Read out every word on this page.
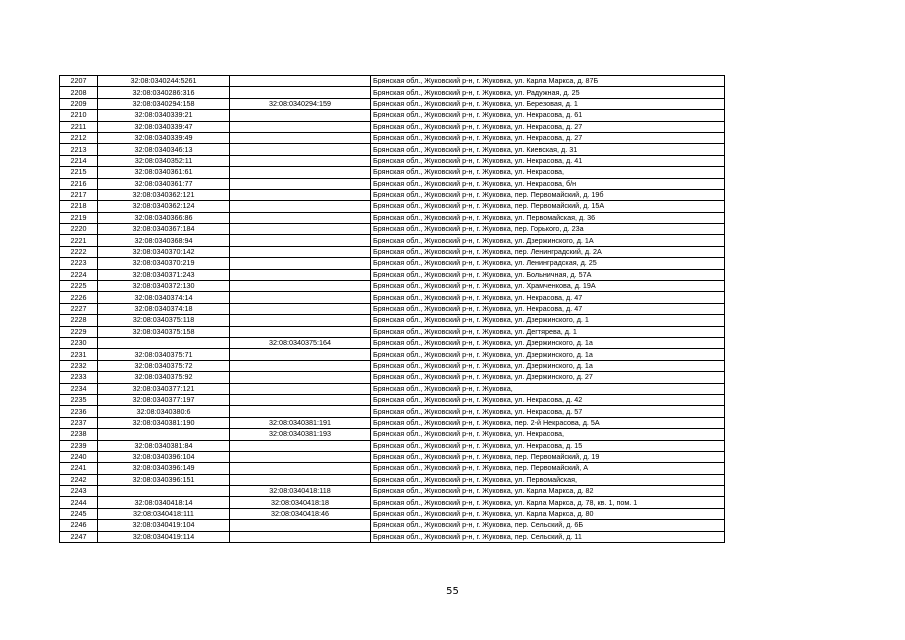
2207	32:08:0340244:5261		Брянская обл., Жуковский р-н, г. Жуковка, ул. Карла Маркса, д. 87Б
2208	32:08:0340286:316		Брянская обл., Жуковский р-н, г. Жуковка, ул. Радужная, д. 25
2209	32:08:0340294:158	32:08:0340294:159	Брянская обл., Жуковский р-н, г. Жуковка, ул. Березовая, д. 1
2210	32:08:0340339:21		Брянская обл., Жуковский р-н, г. Жуковка, ул. Некрасова, д. 61
2211	32:08:0340339:47		Брянская обл., Жуковский р-н, г. Жуковка, ул. Некрасова, д. 27
2212	32:08:0340339:49		Брянская обл., Жуковский р-н, г. Жуковка, ул. Некрасова, д. 27
2213	32:08:0340346:13		Брянская обл., Жуковский р-н, г. Жуковка, ул. Киевская, д. 31
2214	32:08:0340352:11		Брянская обл., Жуковский р-н, г. Жуковка, ул. Некрасова, д. 41
2215	32:08:0340361:61		Брянская обл., Жуковский р-н, г. Жуковка, ул. Некрасова,
2216	32:08:0340361:77		Брянская обл., Жуковский р-н, г. Жуковка, ул. Некрасова, б/н
2217	32:08:0340362:121		Брянская обл., Жуковский р-н, г. Жуковка, пер. Первомайский, д. 19б
2218	32:08:0340362:124		Брянская обл., Жуковский р-н, г. Жуковка, пер. Первомайский, д. 15А
2219	32:08:0340366:86		Брянская обл., Жуковский р-н, г. Жуковка, ул. Первомайская, д. 36
2220	32:08:0340367:184		Брянская обл., Жуковский р-н, г. Жуковка, пер. Горького, д. 23а
2221	32:08:0340368:94		Брянская обл., Жуковский р-н, г. Жуковка, ул. Дзержинского, д. 1А
2222	32:08:0340370:142		Брянская обл., Жуковский р-н, г. Жуковка, пер. Ленинградский, д. 2А
2223	32:08:0340370:219		Брянская обл., Жуковский р-н, г. Жуковка, ул. Ленинградская, д. 25
2224	32:08:0340371:243		Брянская обл., Жуковский р-н, г. Жуковка, ул. Больничная, д. 57А
2225	32:08:0340372:130		Брянская обл., Жуковский р-н, г. Жуковка, ул. Храмченкова, д. 19А
2226	32:08:0340374:14		Брянская обл., Жуковский р-н, г. Жуковка, ул. Некрасова, д. 47
2227	32:08:0340374:18		Брянская обл., Жуковский р-н, г. Жуковка, ул. Некрасова, д. 47
2228	32:08:0340375:118		Брянская обл., Жуковский р-н, г. Жуковка, ул. Дзержинского, д. 1
2229	32:08:0340375:158		Брянская обл., Жуковский р-н, г. Жуковка, ул. Дегтярева, д. 1
2230		32:08:0340375:164	Брянская обл., Жуковский р-н, г. Жуковка, ул. Дзержинского, д. 1а
2231	32:08:0340375:71		Брянская обл., Жуковский р-н, г. Жуковка, ул. Дзержинского, д. 1а
2232	32:08:0340375:72		Брянская обл., Жуковский р-н, г. Жуковка, ул. Дзержинского, д. 1а
2233	32:08:0340375:92		Брянская обл., Жуковский р-н, г. Жуковка, ул. Дзержинского, д. 27
2234	32:08:0340377:121		Брянская обл., Жуковский р-н, г. Жуковка,
2235	32:08:0340377:197		Брянская обл., Жуковский р-н, г. Жуковка, ул. Некрасова, д. 42
2236	32:08:0340380:6		Брянская обл., Жуковский р-н, г. Жуковка, ул. Некрасова, д. 57
2237	32:08:0340381:190	32:08:0340381:191	Брянская обл., Жуковский р-н, г. Жуковка, пер. 2-й Некрасова, д. 5А
2238		32:08:0340381:193	Брянская обл., Жуковский р-н, г. Жуковка, ул. Некрасова,
2239	32:08:0340381:84		Брянская обл., Жуковский р-н, г. Жуковка, ул. Некрасова, д. 15
2240	32:08:0340396:104		Брянская обл., Жуковский р-н, г. Жуковка, пер. Первомайский, д. 19
2241	32:08:0340396:149		Брянская обл., Жуковский р-н, г. Жуковка, пер. Первомайский, А
2242	32:08:0340396:151		Брянская обл., Жуковский р-н, г. Жуковка, ул. Первомайская,
2243		32:08:0340418:118	Брянская обл., Жуковский р-н, г. Жуковка, ул. Карла Маркса, д. 82
2244	32:08:0340418:14	32:08:0340418:18	Брянская обл., Жуковский р-н, г. Жуковка, ул. Карла Маркса, д. 78, кв. 1, пом. 1
2245	32:08:0340418:111	32:08:0340418:46	Брянская обл., Жуковский р-н, г. Жуковка, ул. Карла Маркса, д. 80
2246	32:08:0340419:104		Брянская обл., Жуковский р-н, г. Жуковка, пер. Сельский, д. 6Б
2247	32:08:0340419:114		Брянская обл., Жуковский р-н, г. Жуковка, пер. Сельский, д. 11
55
